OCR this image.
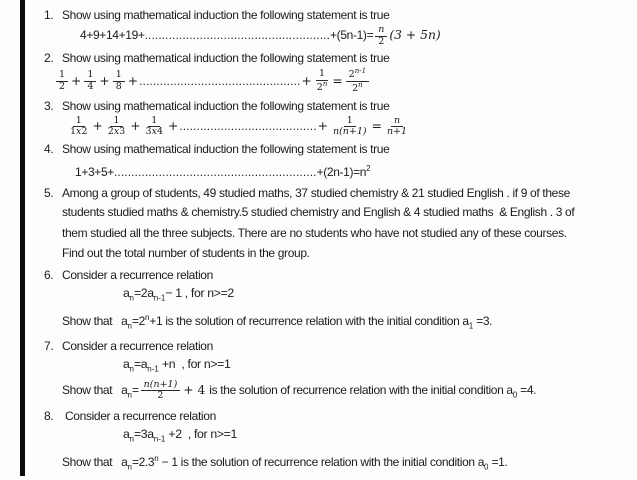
1. Show using mathematical induction the following statement is true
$4+9+14+19+......................................................+(5n-1)= \frac{n}{2} (3 + 5n)$
2. Show using mathematical induction the following statement is true
$\frac{1}{2} + \frac{1}{4} + \frac{1}{8}$ +...............................................+ $\frac{1}{2^n} = \frac{2^{n-1}}{2^n}$
3. Show using mathematical induction the following statement is true
$\frac{1}{1x2} + \frac{1}{2x3} + \frac{1}{3x4}$ +........................................+ $\frac{1}{n(n+1)} = \frac{n}{n+1}$
4. Show using mathematical induction the following statement is true
$1+3+5+...........................................................+(2n-1)=n^2$
5. Among a group of students, 49 studied maths, 37 studied chemistry & 21 studied English . if 9 of these
students studied maths & chemistry.5 studied chemistry and English & 4 studied maths  & English . 3 of
them studied all the three subjects. There are no students who have not studied any of these courses.
Find out the total number of students in the group.
6. Consider a recurrence relation
$a_n=2a_{n-1}- 1$ , for n>=2
Show that   $a_n=2^n+1$ is the solution of recurrence relation with the initial condition $a_1 =3$.
7. Consider a recurrence relation
$a_n=a_{n-1} +n$  , for n>=1
Show that   $a_n= \frac{n(n+1)}{2} + 4$ is the solution of recurrence relation with the initial condition $a_0 =4$.
8. Consider a recurrence relation
$a_n=3a_{n-1} +2$  , for n>=1
Show that   $a_n=2.3^n - 1$ is the solution of recurrence relation with the initial condition $a_0 =1$.
